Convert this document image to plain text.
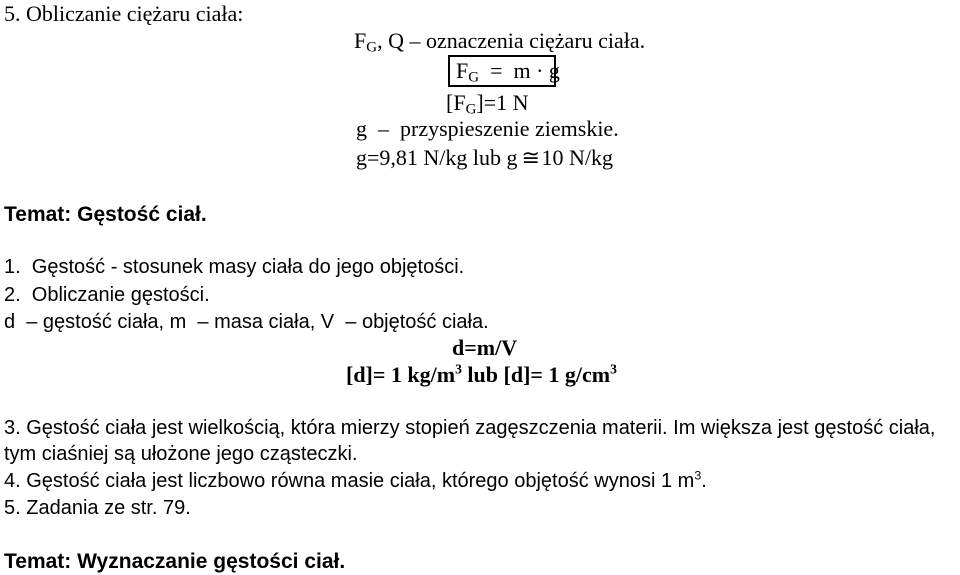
5. Obliczanie ciężaru ciała:
$F_G$, Q – oznaczenia ciężaru ciała.
$F_G = m \cdot g$
$[F_G]=1$ N
g  –  przyspieszenie ziemskie.
g=9,81 N/kg lub g ≅10 N/kg
Temat: Gęstość ciał.
1.  Gęstość - stosunek masy ciała do jego objętości.
2.  Obliczanie gęstości.
d  – gęstość ciała, m  – masa ciała, V  – objętość ciała.
d=m/V
[d]= 1 $kg/m^3$ lub [d]= 1 $g/cm^3$
3. Gęstość ciała jest wielkością, która mierzy stopień zagęszczenia materii. Im większa jest gęstość ciała,
tym ciaśniej są ułożone jego cząsteczki.
4. Gęstość ciała jest liczbowo równa masie ciała, którego objętość wynosi 1 $m^3$.
5. Zadania ze str. 79.
Temat: Wyznaczanie gęstości ciał.
